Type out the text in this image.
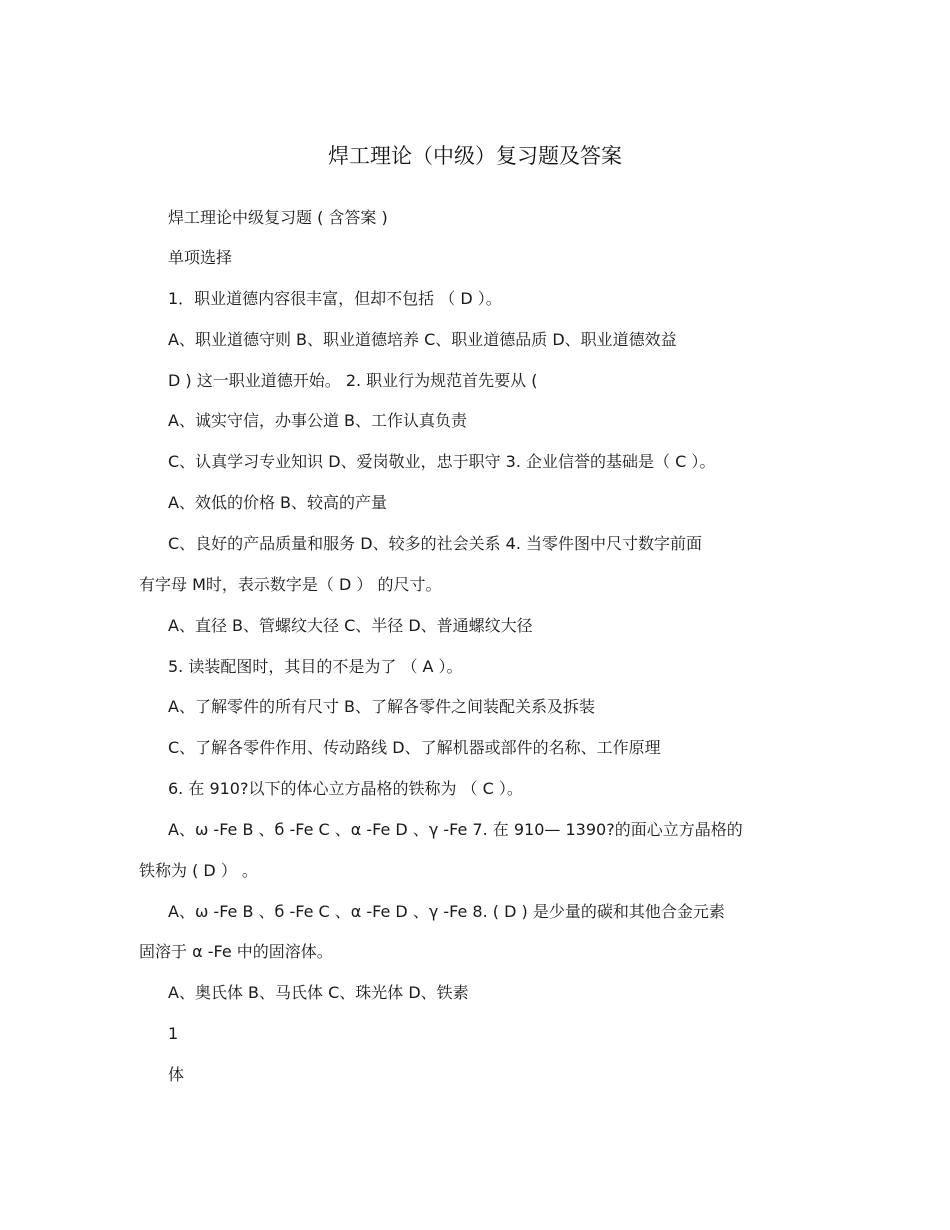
焊工理论（中级）复习题及答案
焊工理论中级复习题 ( 含答案 )
单项选择
1．职业道德内容很丰富，但却不包括 （ D ）。
A、职业道德守则 B、职业道德培养 C、职业道德品质 D、职业道德效益
D ) 这一职业道德开始。 2. 职业行为规范首先要从 (
A、诚实守信，办事公道 B、工作认真负责
C、认真学习专业知识 D、爱岗敬业，忠于职守 3. 企业信誉的基础是（ C ）。
A、效低的价格 B、较高的产量
C、良好的产品质量和服务 D、较多的社会关系 4. 当零件图中尺寸数字前面
有字母 M时，表示数字是（ D ） 的尺寸。
A、直径 B、管螺纹大径 C、半径 D、普通螺纹大径
5. 读装配图时，其目的不是为了 （ A ）。
A、了解零件的所有尺寸 B、了解各零件之间装配关系及拆装
C、了解各零件作用、传动路线 D、了解机器或部件的名称、工作原理
6. 在 910?以下的体心立方晶格的铁称为 （ C ）。
A、ω -Fe B 、б -Fe C 、α -Fe D 、γ -Fe 7. 在 910— 1390?的面心立方晶格的
铁称为 ( D ） 。
A、ω -Fe B 、б -Fe C 、α -Fe D 、γ -Fe 8. ( D ) 是少量的碳和其他合金元素
固溶于 α -Fe 中的固溶体。
A、奥氏体 B、马氏体 C、珠光体 D、铁素
1
体
